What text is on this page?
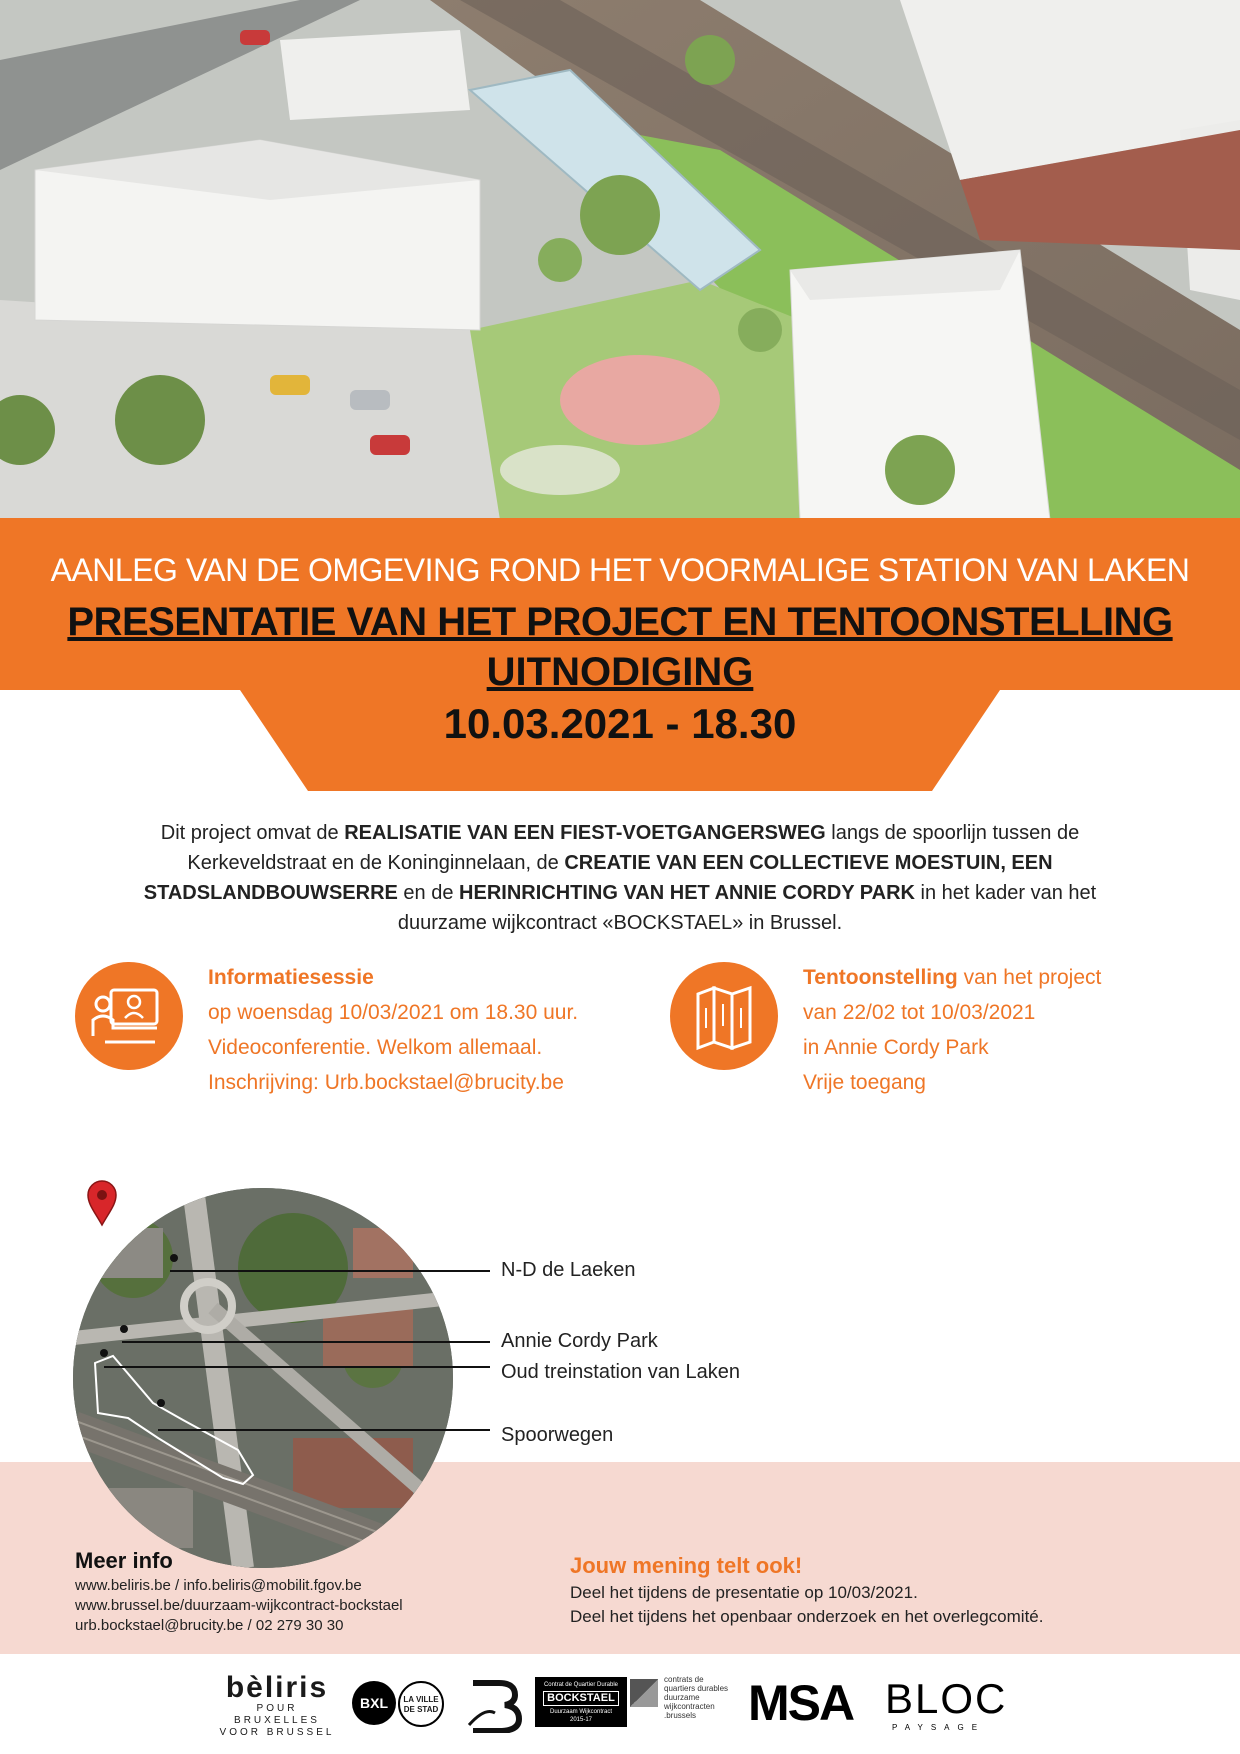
AANLEG VAN DE OMGEVING ROND HET VOORMALIGE STATION VAN LAKEN
PRESENTATIE VAN HET PROJECT EN TENTOONSTELLING
UITNODIGING
10.03.2021 - 18.30
Dit project omvat de REALISATIE VAN EEN FIEST-VOETGANGERSWEG langs de spoorlijn tussen de Kerkeveldstraat en de Koninginnelaan, de CREATIE VAN EEN COLLECTIEVE MOESTUIN, EEN STADSLANDBOUWSERRE en de HERINRICHTING VAN HET ANNIE CORDY PARK in het kader van het duurzame wijkcontract «BOCKSTAEL» in Brussel.
Informatiesessie
op woensdag 10/03/2021 om 18.30 uur.
Videoconferentie. Welkom allemaal.
Inschrijving: Urb.bockstael@brucity.be
Tentoonstelling van het project
van 22/02 tot 10/03/2021
in Annie Cordy Park
Vrije toegang
N-D de Laeken
Annie Cordy Park
Oud treinstation van Laken
Spoorwegen
Meer info
www.beliris.be / info.beliris@mobilit.fgov.be
www.brussel.be/duurzaam-wijkcontract-bockstael
urb.bockstael@brucity.be / 02 279 30 30
Jouw mening telt ook!
Deel het tijdens de presentatie op 10/03/2021.
Deel het tijdens het openbaar onderzoek en het overlegcomité.
bèliris
POUR BRUXELLES
VOOR BRUSSEL
BXL	LA VILLE
DE STAD
Contrat de Quartier Durable
BOCKSTAEL
Duurzaam Wijkcontract
2015-17
contrats de
quartiers durables
duurzame
wijkcontracten
.brussels	MSA BLOC
PAYSAGE
